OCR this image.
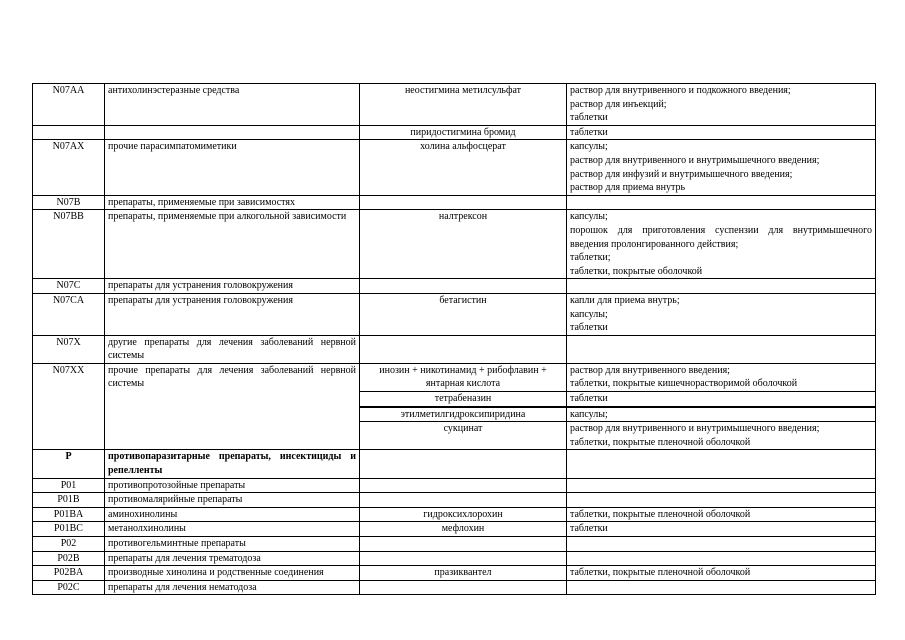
N07AA	антихолинэстеразные средства	неостигмина метилсульфат	раствор для внутривенного и подкожного введения;
раствор для инъекций;
таблетки

		пиридостигмина бромид	таблетки

N07AX	прочие парасимпатомиметики	холина альфосцерат	капсулы;
раствор для внутривенного и внутримышечного введения;
раствор для инфузий и внутримышечного введения;
раствор для приема внутрь

N07B	препараты, применяемые при зависимостях		
N07BB	препараты, применяемые при алкогольной зависимости	налтрексон	капсулы;
порошок для приготовления суспензии для внутримышечного введения пролонгированного действия;
таблетки;
таблетки, покрытые оболочкой

N07C	препараты для устранения головокружения		
N07CA	препараты для устранения головокружения	бетагистин	капли для приема внутрь;
капсулы;
таблетки

N07X	другие препараты для лечения заболеваний нервной системы		
N07XX	прочие препараты для лечения заболеваний нервной системы	инозин + никотинамид + рибофлавин + янтарная кислота	раствор для внутривенного введения;
таблетки, покрытые кишечнорастворимой оболочкой

		тетрабеназин	таблетки

		этилметилгидроксипиридина	капсулы;

		сукцинат	раствор для внутривенного и внутримышечного введения;
таблетки, покрытые пленочной оболочкой

P	противопаразитарные препараты, инсектициды и репелленты		
P01	противопротозойные препараты		
P01B	противомалярийные препараты		
P01BA	аминохинолины	гидроксихлорохин	таблетки, покрытые пленочной оболочкой

P01BC	метанолхинолины	мефлохин	таблетки

P02	противогельминтные препараты		
P02B	препараты для лечения трематодоза		
P02BA	производные хинолина и родственные соединения	празиквантел	таблетки, покрытые пленочной оболочкой

P02C	препараты для лечения нематодоза		
